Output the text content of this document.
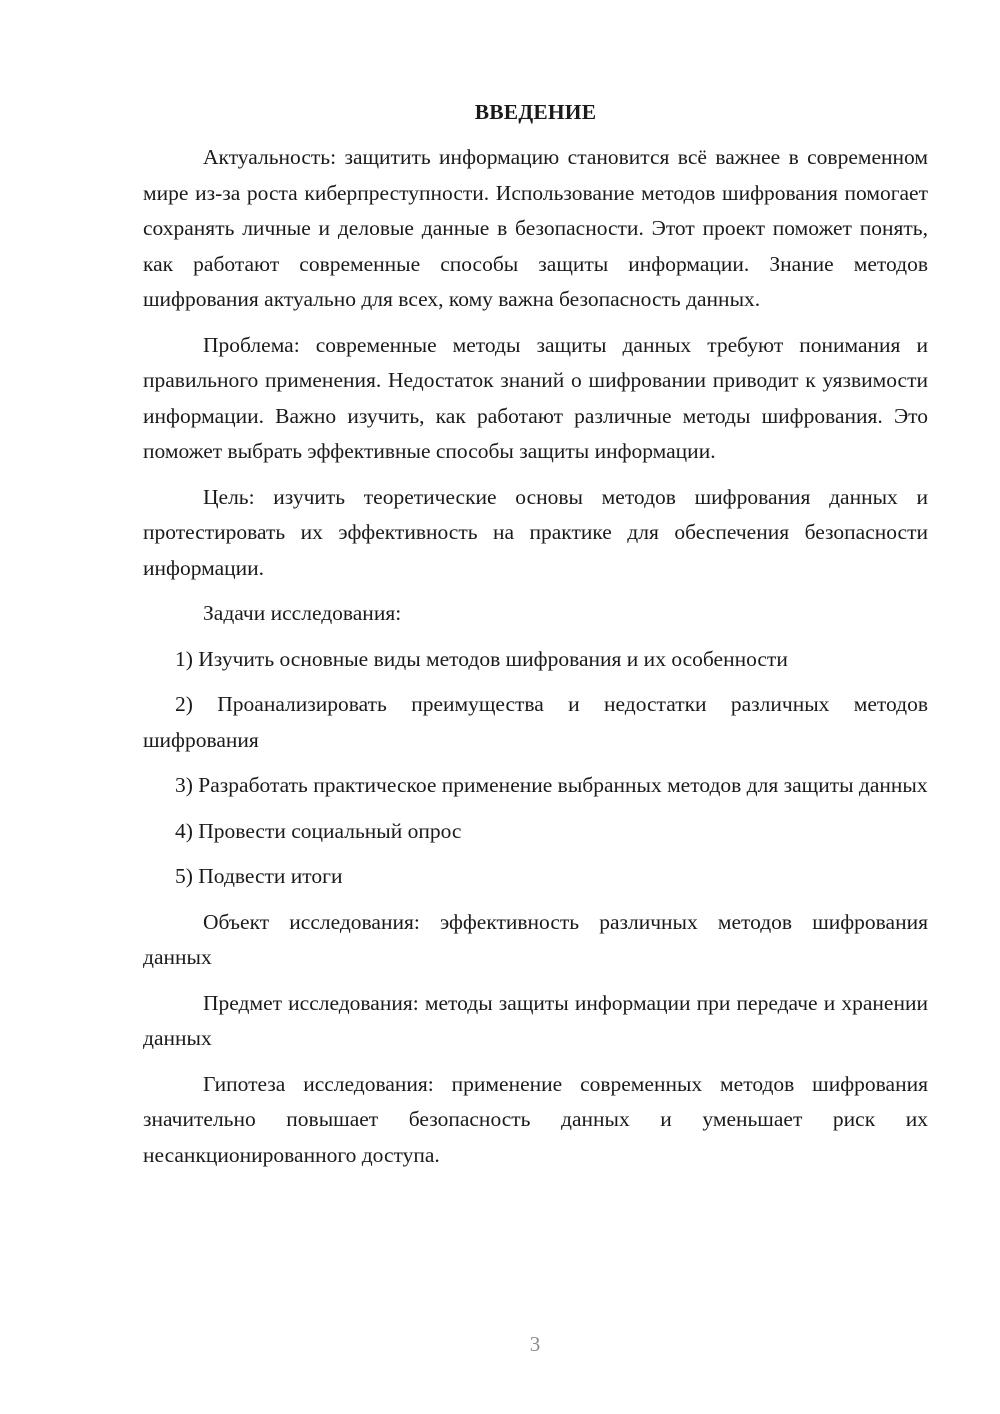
ВВЕДЕНИЕ

Актуальность: защитить информацию становится всё важнее в современном мире из-за роста киберпреступности. Использование методов шифрования помогает сохранять личные и деловые данные в безопасности. Этот проект поможет понять, как работают современные способы защиты информации. Знание методов шифрования актуально для всех, кому важна безопасность данных.

Проблема: современные методы защиты данных требуют понимания и правильного применения. Недостаток знаний о шифровании приводит к уязвимости информации. Важно изучить, как работают различные методы шифрования. Это поможет выбрать эффективные способы защиты информации.

Цель: изучить теоретические основы методов шифрования данных и протестировать их эффективность на практике для обеспечения безопасности информации.

Задачи исследования:

1) Изучить основные виды методов шифрования и их особенности

2) Проанализировать преимущества и недостатки различных методов шифрования

3) Разработать практическое применение выбранных методов для защиты данных

4) Провести социальный опрос

5) Подвести итоги

Объект исследования: эффективность различных методов шифрования данных

Предмет исследования: методы защиты информации при передаче и хранении данных

Гипотеза исследования: применение современных методов шифрования значительно повышает безопасность данных и уменьшает риск их несанкционированного доступа.

3
